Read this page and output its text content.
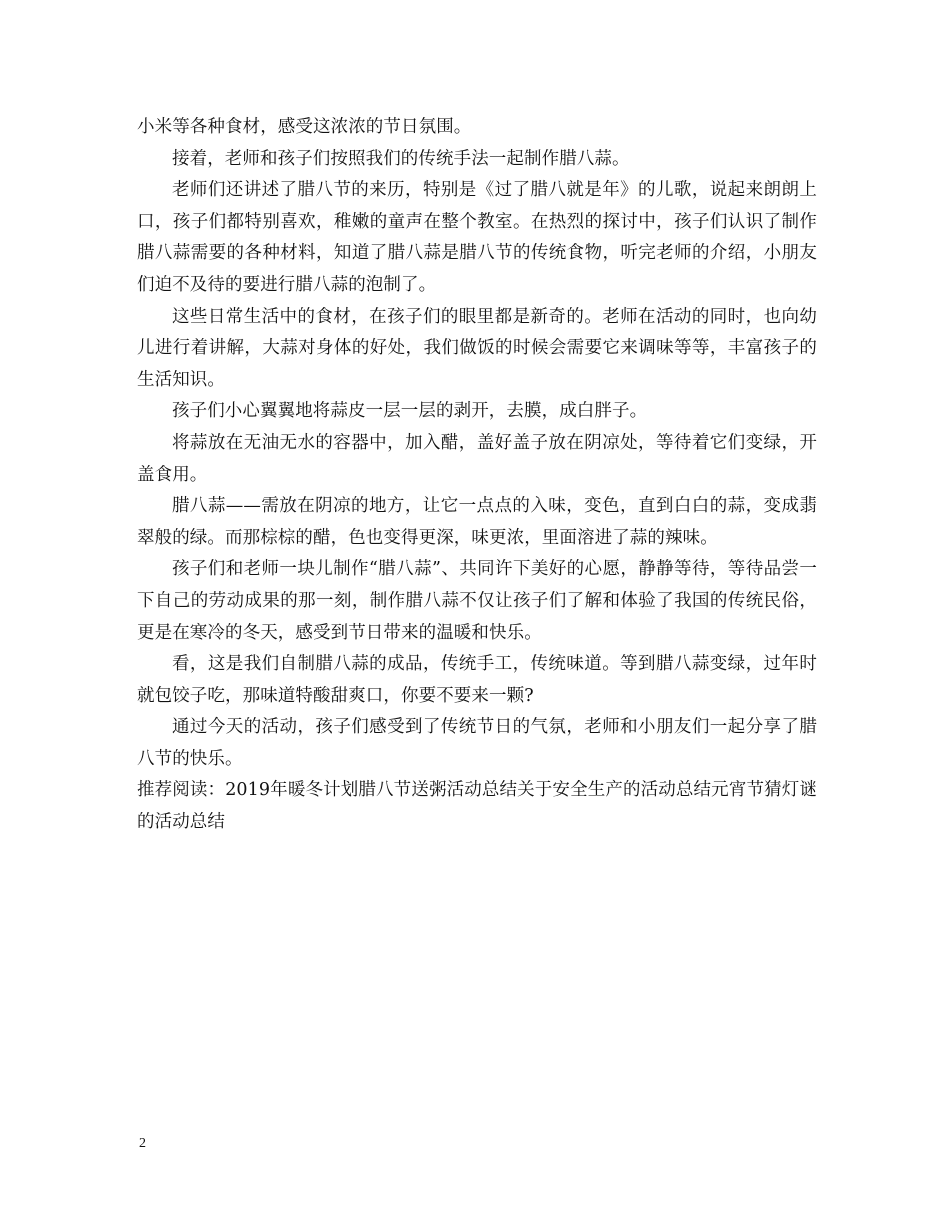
小米等各种食材，感受这浓浓的节日氛围。

接着，老师和孩子们按照我们的传统手法一起制作腊八蒜。

老师们还讲述了腊八节的来历，特别是《过了腊八就是年》的儿歌，说起来朗朗上口，孩子们都特别喜欢，稚嫩的童声在整个教室。在热烈的探讨中，孩子们认识了制作腊八蒜需要的各种材料，知道了腊八蒜是腊八节的传统食物，听完老师的介绍，小朋友们迫不及待的要进行腊八蒜的泡制了。

这些日常生活中的食材，在孩子们的眼里都是新奇的。老师在活动的同时，也向幼儿进行着讲解，大蒜对身体的好处，我们做饭的时候会需要它来调味等等，丰富孩子的生活知识。

孩子们小心翼翼地将蒜皮一层一层的剥开，去膜，成白胖子。

将蒜放在无油无水的容器中，加入醋，盖好盖子放在阴凉处，等待着它们变绿，开盖食用。

腊八蒜——需放在阴凉的地方，让它一点点的入味，变色，直到白白的蒜，变成翡翠般的绿。而那棕棕的醋，色也变得更深，味更浓，里面溶进了蒜的辣味。

孩子们和老师一块儿制作“腊八蒜”、共同许下美好的心愿，静静等待，等待品尝一下自己的劳动成果的那一刻，制作腊八蒜不仅让孩子们了解和体验了我国的传统民俗，更是在寒冷的冬天，感受到节日带来的温暖和快乐。

看，这是我们自制腊八蒜的成品，传统手工，传统味道。等到腊八蒜变绿，过年时就包饺子吃，那味道特酸甜爽口，你要不要来一颗?

通过今天的活动，孩子们感受到了传统节日的气氛，老师和小朋友们一起分享了腊八节的快乐。

推荐阅读：2019年暖冬计划腊八节送粥活动总结关于安全生产的活动总结元宵节猜灯谜的活动总结

2
